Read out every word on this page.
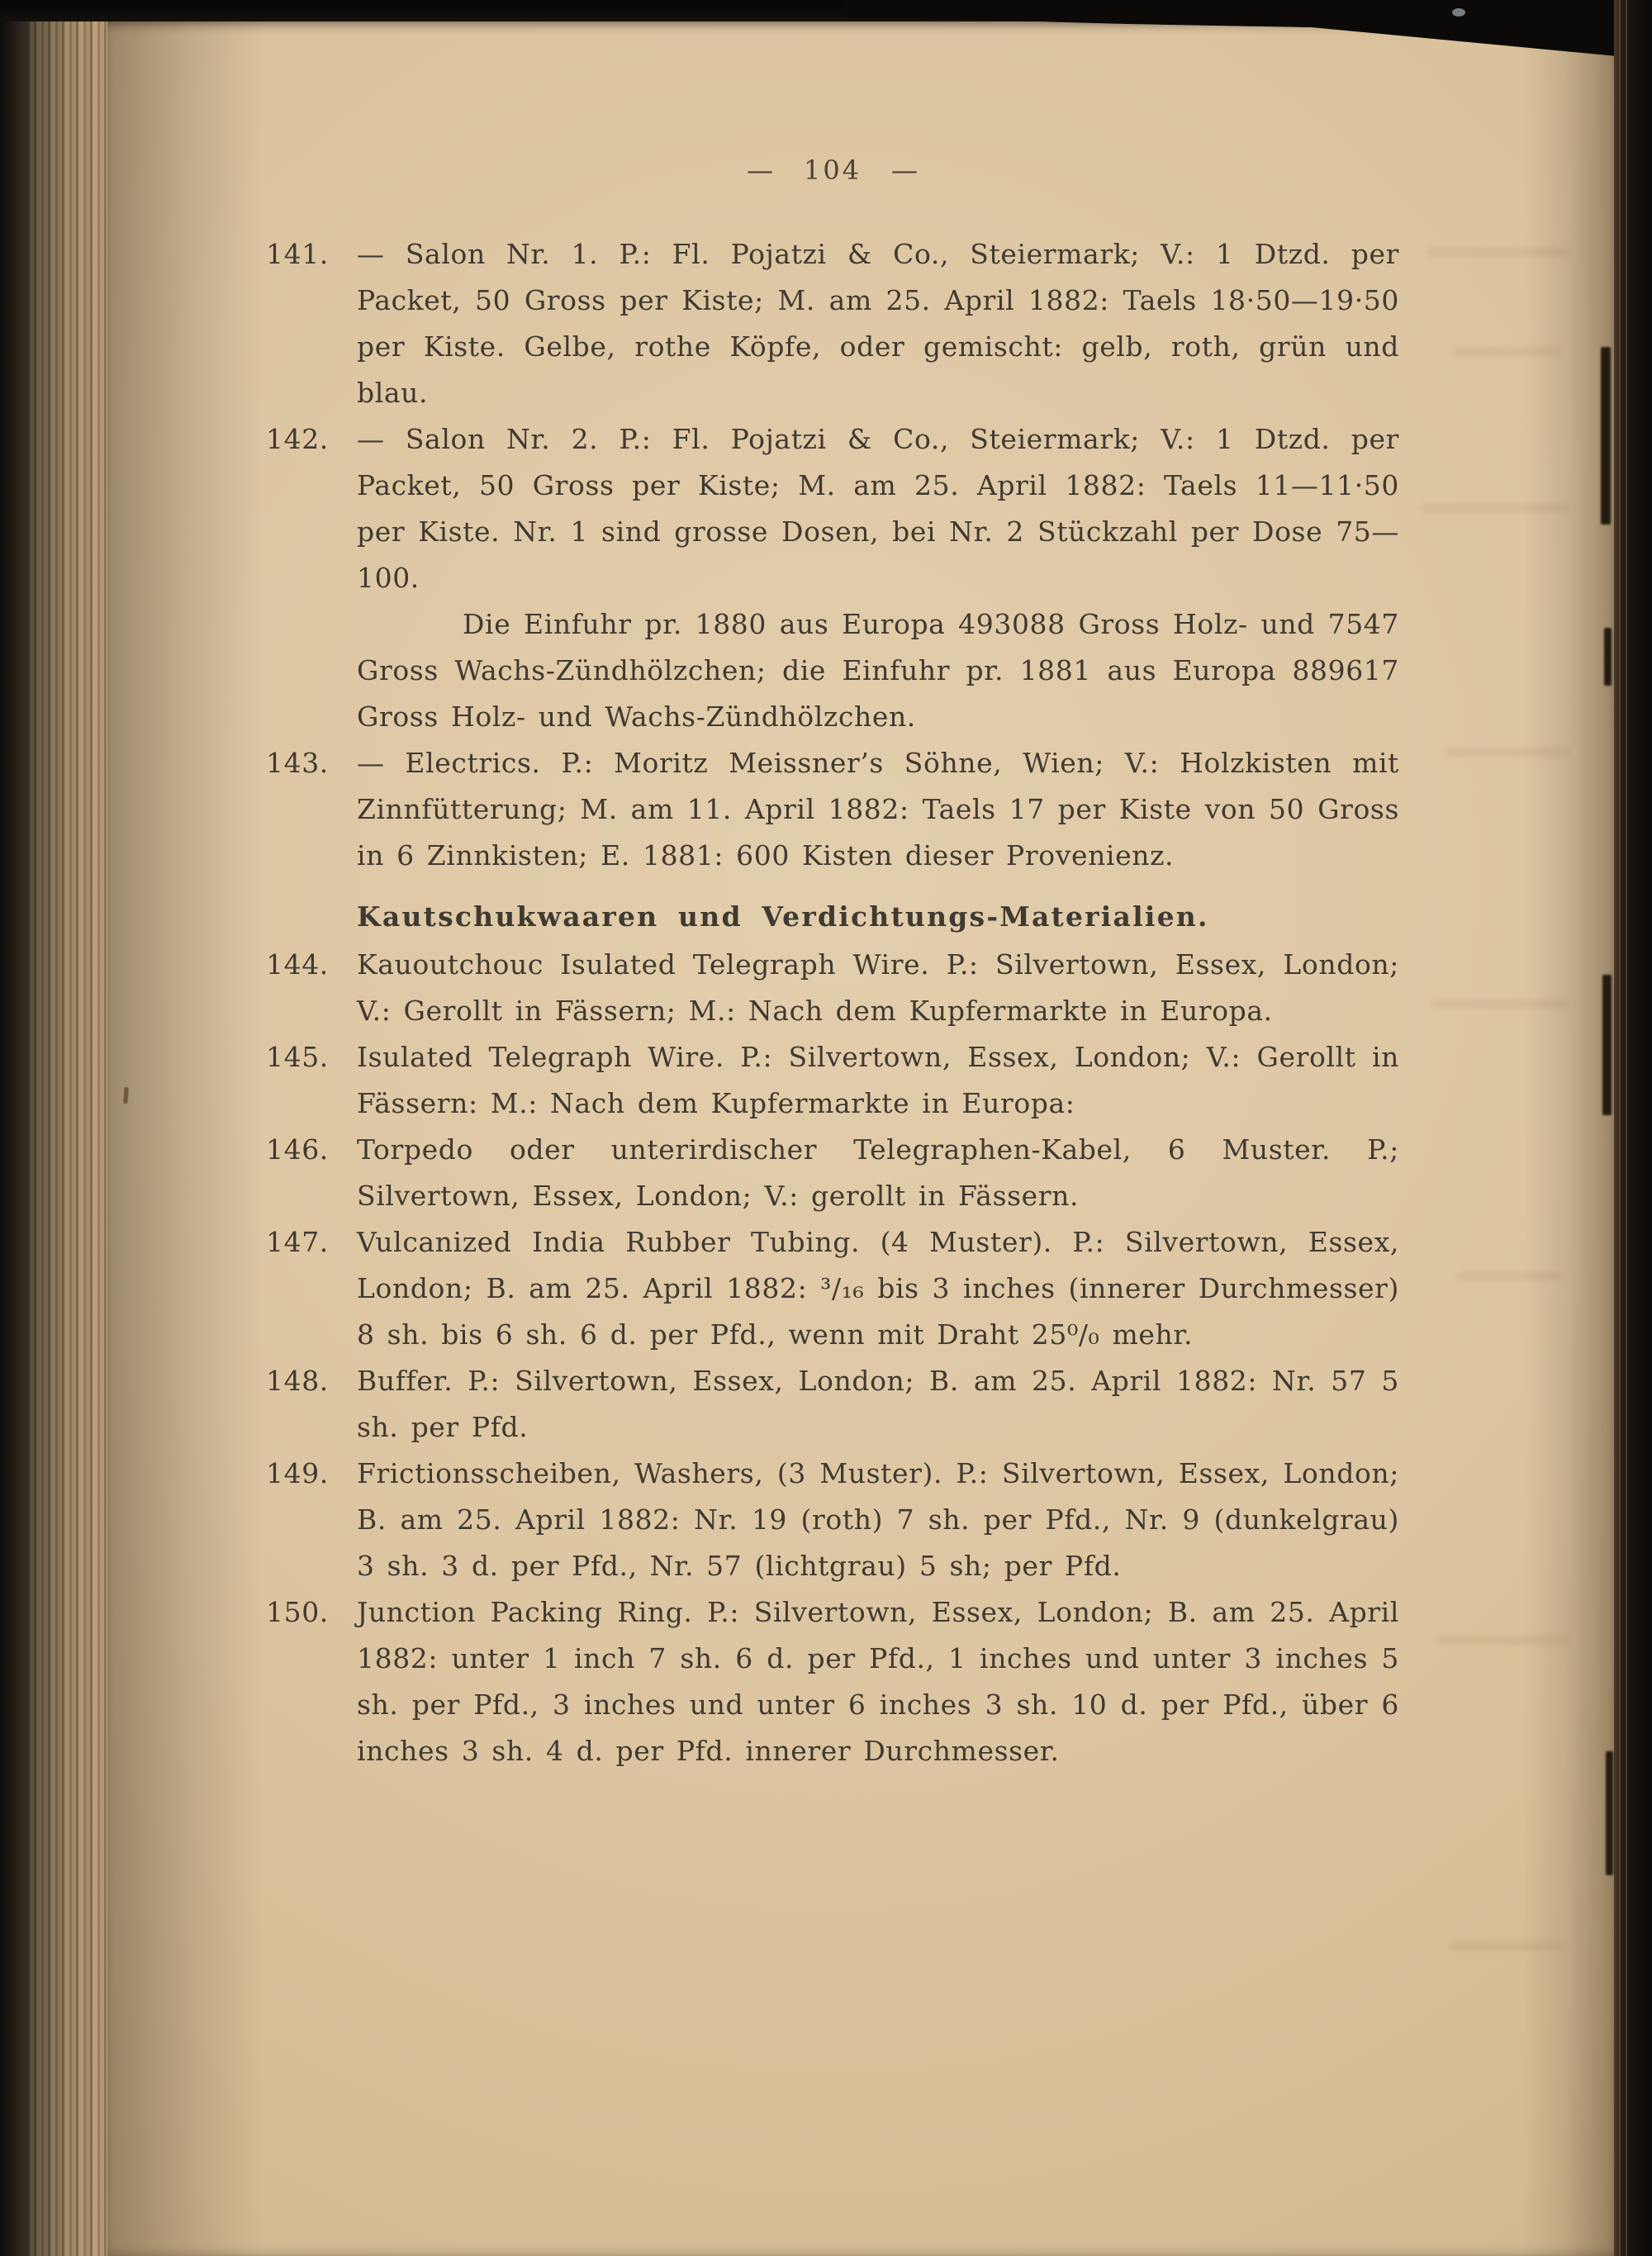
— 104 —
141. — Salon Nr. 1. P.: Fl. Pojatzi & Co., Steiermark; V.: 1 Dtzd. per Packet, 50 Gross per Kiste; M. am 25. April 1882: Taels 18·50—19·50 per Kiste. Gelbe, rothe Köpfe, oder gemischt: gelb, roth, grün und blau.
142. — Salon Nr. 2. P.: Fl. Pojatzi & Co., Steiermark; V.: 1 Dtzd. per Packet, 50 Gross per Kiste; M. am 25. April 1882: Taels 11—11·50 per Kiste. Nr. 1 sind grosse Dosen, bei Nr. 2 Stückzahl per Dose 75—100.
Die Einfuhr pr. 1880 aus Europa 493088 Gross Holz- und 7547 Gross Wachs-Zündhölzchen; die Einfuhr pr. 1881 aus Europa 889617 Gross Holz- und Wachs-Zündhölzchen.
143. — Electrics. P.: Moritz Meissner’s Söhne, Wien; V.: Holzkisten mit Zinnfütterung; M. am 11. April 1882: Taels 17 per Kiste von 50 Gross in 6 Zinnkisten; E. 1881: 600 Kisten dieser Provenienz.
Kautschukwaaren und Verdichtungs-Materialien.
144. Kauoutchouc Isulated Telegraph Wire. P.: Silvertown, Essex, London; V.: Gerollt in Fässern; M.: Nach dem Kupfermarkte in Europa.
145. Isulated Telegraph Wire. P.: Silvertown, Essex, London; V.: Gerollt in Fässern: M.: Nach dem Kupfermarkte in Europa:
146. Torpedo oder unterirdischer Telegraphen-Kabel, 6 Muster. P.; Silvertown, Essex, London; V.: gerollt in Fässern.
147. Vulcanized India Rubber Tubing. (4 Muster). P.: Silvertown, Essex, London; B. am 25. April 1882: ³/₁₆ bis 3 inches (innerer Durchmesser) 8 sh. bis 6 sh. 6 d. per Pfd., wenn mit Draht 25⁰/₀ mehr.
148. Buffer. P.: Silvertown, Essex, London; B. am 25. April 1882: Nr. 57 5 sh. per Pfd.
149. Frictionsscheiben, Washers, (3 Muster). P.: Silvertown, Essex, London; B. am 25. April 1882: Nr. 19 (roth) 7 sh. per Pfd., Nr. 9 (dunkelgrau) 3 sh. 3 d. per Pfd., Nr. 57 (lichtgrau) 5 sh; per Pfd.
150. Junction Packing Ring. P.: Silvertown, Essex, London; B. am 25. April 1882: unter 1 inch 7 sh. 6 d. per Pfd., 1 inches und unter 3 inches 5 sh. per Pfd., 3 inches und unter 6 inches 3 sh. 10 d. per Pfd., über 6 inches 3 sh. 4 d. per Pfd. innerer Durchmesser.
